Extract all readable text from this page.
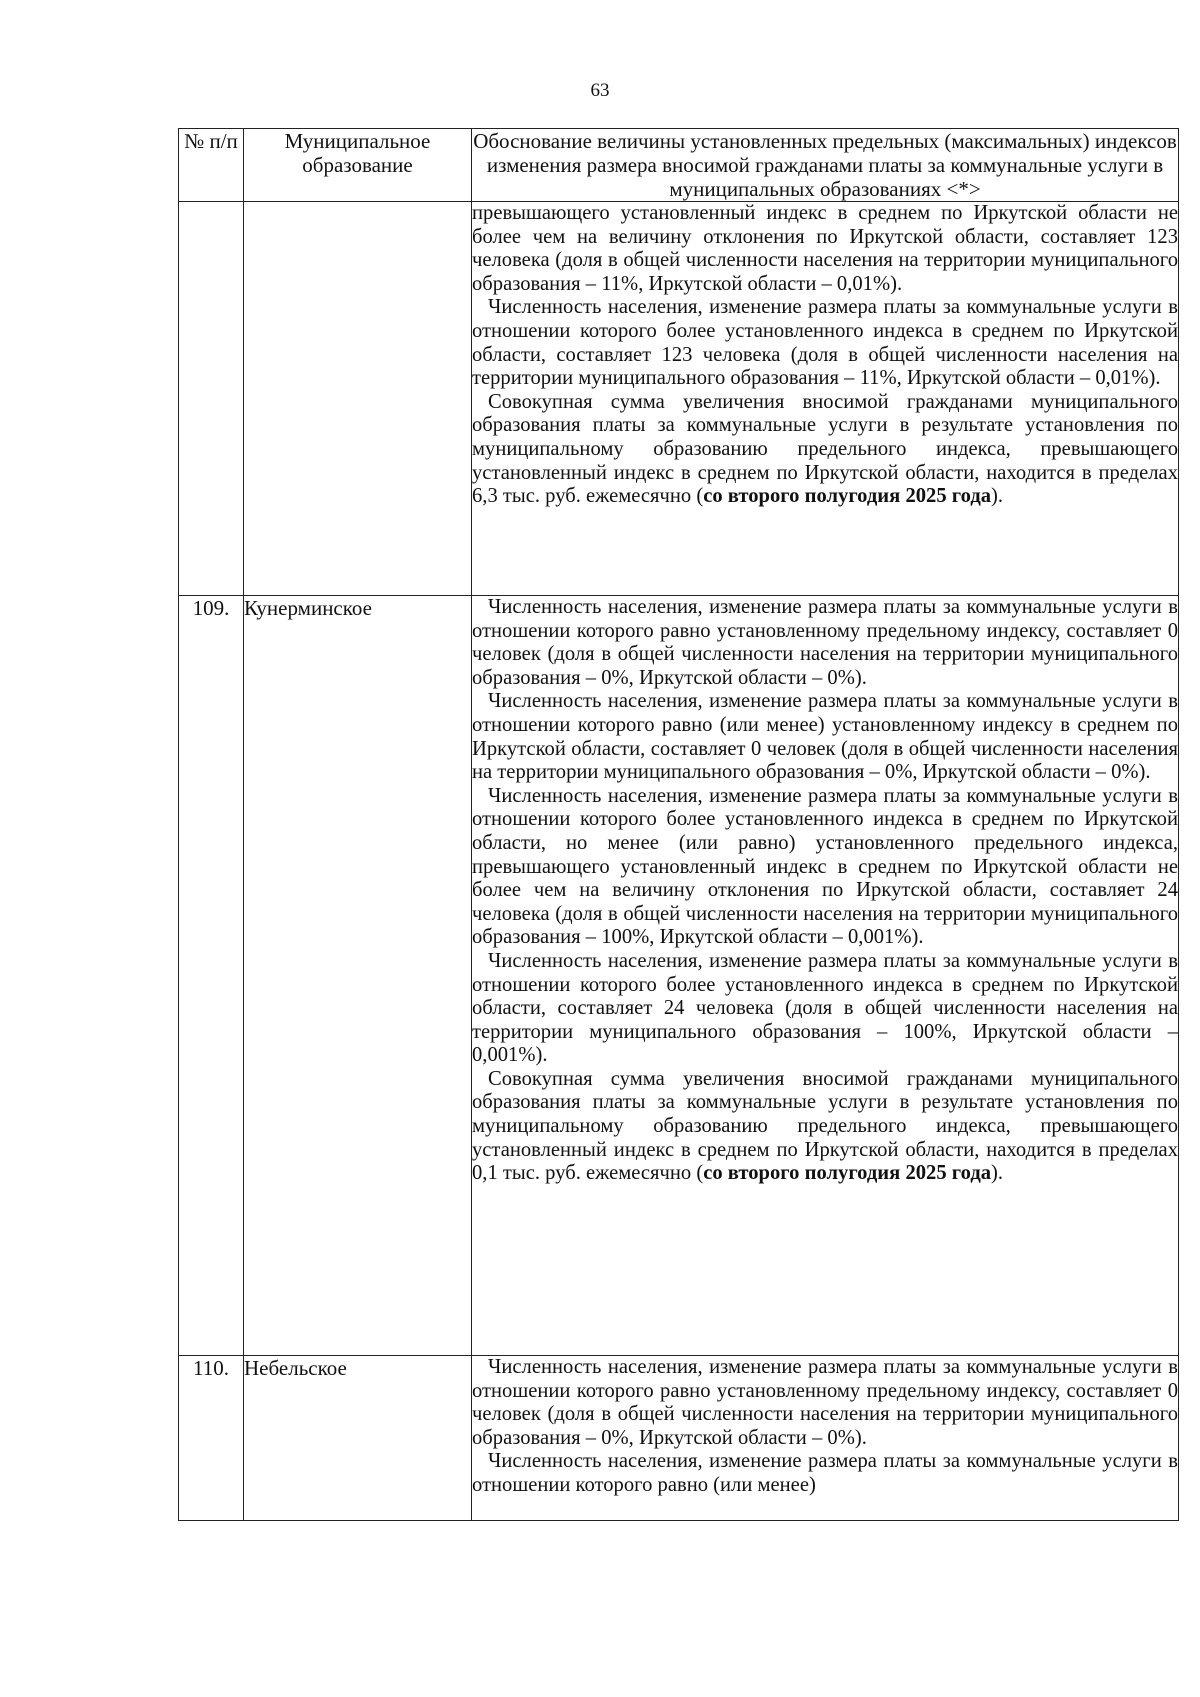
63
№ п/п	Муниципальное образование	Обоснование величины установленных предельных (максимальных) индексов изменения размера вносимой гражданами платы за коммунальные услуги в муниципальных образованиях <*>

		превышающего установленный индекс в среднем по Иркутской области не более чем на величину отклонения по Иркутской области, составляет 123 человека (доля в общей численности населения на территории муниципального образования – 11%, Иркутской области – 0,01%).

Численность населения, изменение размера платы за коммунальные услуги в отношении которого более установленного индекса в среднем по Иркутской области, составляет 123 человека (доля в общей численности населения на территории муниципального образования – 11%, Иркутской области – 0,01%).

Совокупная сумма увеличения вносимой гражданами муниципального образования платы за коммунальные услуги в результате установления по муниципальному образованию предельного индекса, превышающего установленный индекс в среднем по Иркутской области, находится в пределах 6,3 тыс. руб. ежемесячно (со второго полугодия 2025 года).

109.	Кунерминское	Численность населения, изменение размера платы за коммунальные услуги в отношении которого равно установленному предельному индексу, составляет 0 человек (доля в общей численности населения на территории муниципального образования – 0%, Иркутской области – 0%).

Численность населения, изменение размера платы за коммунальные услуги в отношении которого равно (или менее) установленному индексу в среднем по Иркутской области, составляет 0 человек (доля в общей численности населения на территории муниципального образования – 0%, Иркутской области – 0%).

Численность населения, изменение размера платы за коммунальные услуги в отношении которого более установленного индекса в среднем по Иркутской области, но менее (или равно) установленного предельного индекса, превышающего установленный индекс в среднем по Иркутской области не более чем на величину отклонения по Иркутской области, составляет 24 человека (доля в общей численности населения на территории муниципального образования – 100%, Иркутской области – 0,001%).

Численность населения, изменение размера платы за коммунальные услуги в отношении которого более установленного индекса в среднем по Иркутской области, составляет 24 человека (доля в общей численности населения на территории муниципального образования – 100%, Иркутской области – 0,001%).

Совокупная сумма увеличения вносимой гражданами муниципального образования платы за коммунальные услуги в результате установления по муниципальному образованию предельного индекса, превышающего установленный индекс в среднем по Иркутской области, находится в пределах 0,1 тыс. руб. ежемесячно (со второго полугодия 2025 года).

110.	Небельское	Численность населения, изменение размера платы за коммунальные услуги в отношении которого равно установленному предельному индексу, составляет 0 человек (доля в общей численности населения на территории муниципального образования – 0%, Иркутской области – 0%).

Численность населения, изменение размера платы за коммунальные услуги в отношении которого равно (или менее)
